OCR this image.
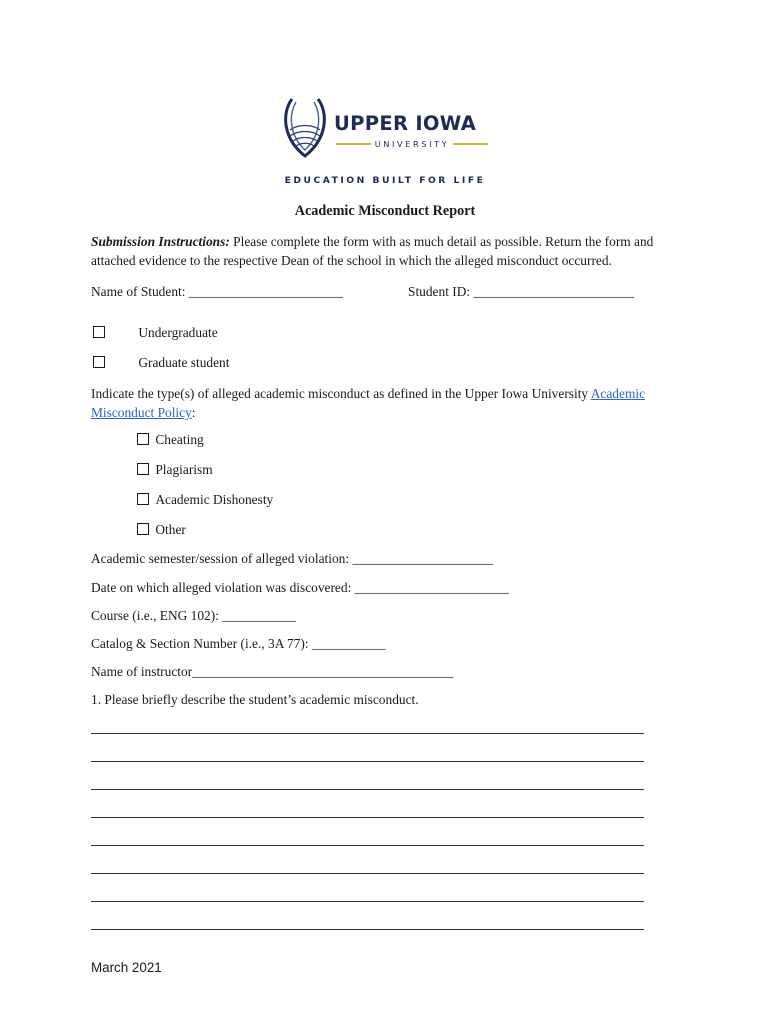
UPPER IOWA
UNIVERSITY
EDUCATION BUILT FOR LIFE
Academic Misconduct Report
Submission Instructions: Please complete the form with as much detail as possible. Return the form and attached evidence to the respective Dean of the school in which the alleged misconduct occurred.
Name of Student: _______________________	Student ID: ________________________
Undergraduate
Graduate student
Indicate the type(s) of alleged academic misconduct as defined in the Upper Iowa University Academic Misconduct Policy:
Cheating
Plagiarism
Academic Dishonesty
Other
Academic semester/session of alleged violation: _____________________
Date on which alleged violation was discovered: _______________________
Course (i.e., ENG 102): ___________
Catalog & Section Number (i.e., 3A 77): ___________
Name of instructor_______________________________________
1. Please briefly describe the student’s academic misconduct.
March 2021
